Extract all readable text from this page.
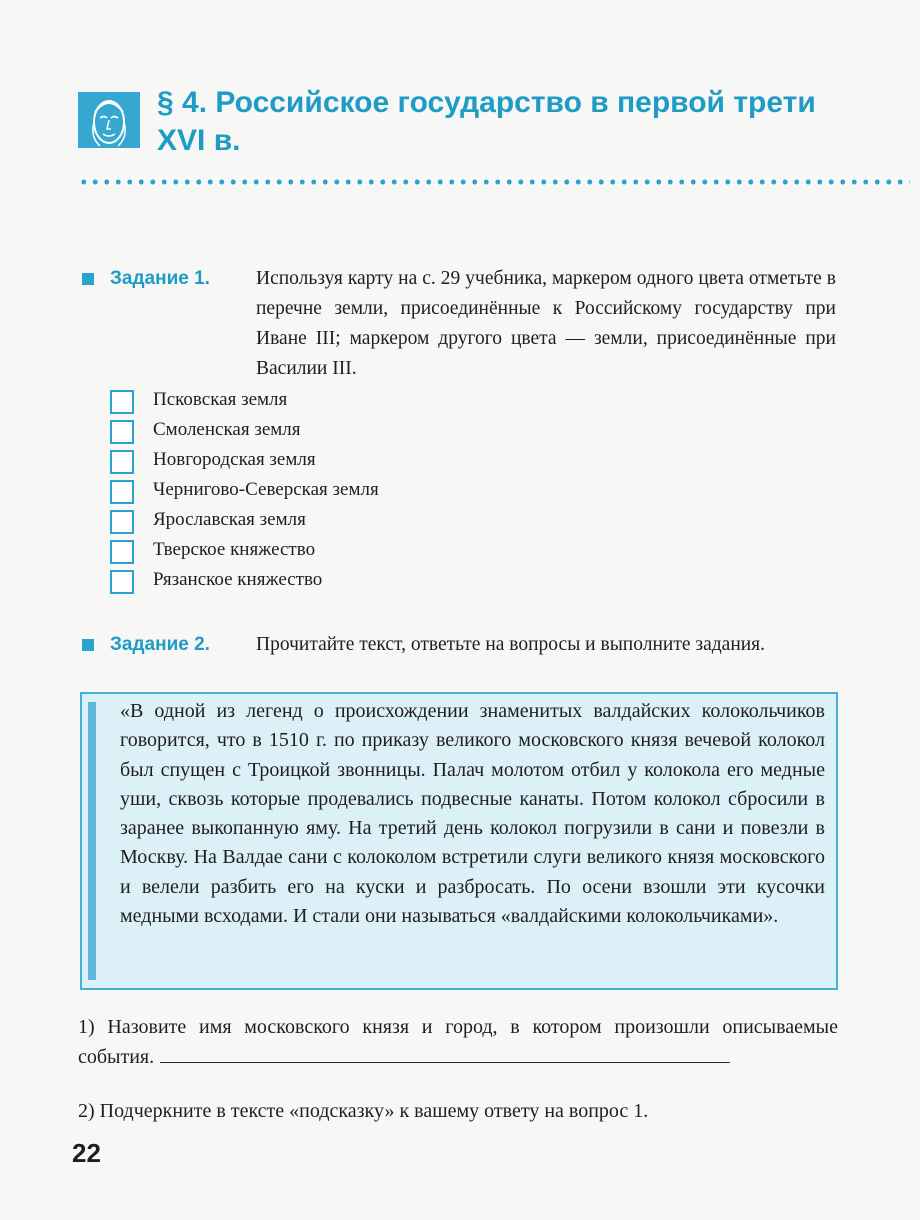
§ 4. Российское государство в первой трети XVI в.
Задание 1. Используя карту на с. 29 учебника, маркером одного цвета отметьте в перечне земли, присоединённые к Российскому государству при Иване III; маркером другого цвета — земли, присоединённые при Василии III.
Псковская земля
Смоленская земля
Новгородская земля
Чернигово-Северская земля
Ярославская земля
Тверское княжество
Рязанское княжество
Задание 2. Прочитайте текст, ответьте на вопросы и выполните задания.
«В одной из легенд о происхождении знаменитых валдайских колокольчиков говорится, что в 1510 г. по приказу великого московского князя вечевой колокол был спущен с Троицкой звонницы. Палач молотом отбил у колокола его медные уши, сквозь которые продевались подвесные канаты. Потом колокол сбросили в заранее выкопанную яму. На третий день колокол погрузили в сани и повезли в Москву. На Валдае сани с колоколом встретили слуги великого князя московского и велели разбить его на куски и разбросать. По осени взошли эти кусочки медными всходами. И стали они называться «валдайскими колокольчиками».
1) Назовите имя московского князя и город, в котором произошли описываемые события.
2) Подчеркните в тексте «подсказку» к вашему ответу на вопрос 1.
22
